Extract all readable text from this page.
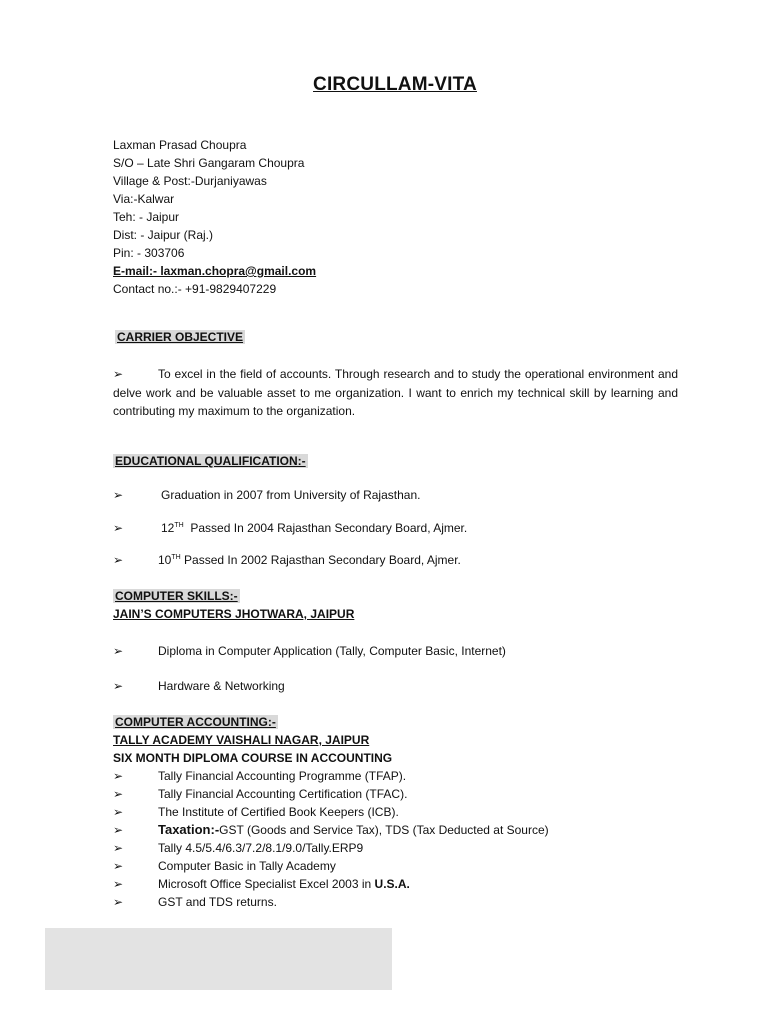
CIRCULLAM-VITA
Laxman Prasad Choupra
S/O – Late Shri Gangaram Choupra
Village & Post:-Durjaniyawas
Via:-Kalwar
Teh: - Jaipur
Dist: - Jaipur (Raj.)
Pin: - 303706
E-mail:- laxman.chopra@gmail.com
Contact no.:- +91-9829407229
CARRIER OBJECTIVE
➢	To excel in the field of accounts. Through research and to study the operational environment and delve work and be valuable asset to me organization. I want to enrich my technical skill by learning and contributing my maximum to the organization.
EDUCATIONAL QUALIFICATION:-
➢	Graduation in 2007 from University of Rajasthan.
➢	12TH Passed In 2004 Rajasthan Secondary Board, Ajmer.
➢	10TH Passed In 2002 Rajasthan Secondary Board, Ajmer.
COMPUTER SKILLS:-
JAIN’S COMPUTERS JHOTWARA, JAIPUR
➢	Diploma in Computer Application (Tally, Computer Basic, Internet)
➢	Hardware & Networking
COMPUTER ACCOUNTING:-
TALLY ACADEMY VAISHALI NAGAR, JAIPUR
SIX MONTH DIPLOMA COURSE IN ACCOUNTING
➢	Tally Financial Accounting Programme (TFAP).
➢	Tally Financial Accounting Certification (TFAC).
➢	The Institute of Certified Book Keepers (ICB).
➢	Taxation:-GST (Goods and Service Tax), TDS (Tax Deducted at Source)
➢	Tally 4.5/5.4/6.3/7.2/8.1/9.0/Tally.ERP9
➢	Computer Basic in Tally Academy
➢	Microsoft Office Specialist Excel 2003 in U.S.A.
➢	GST and TDS returns.
